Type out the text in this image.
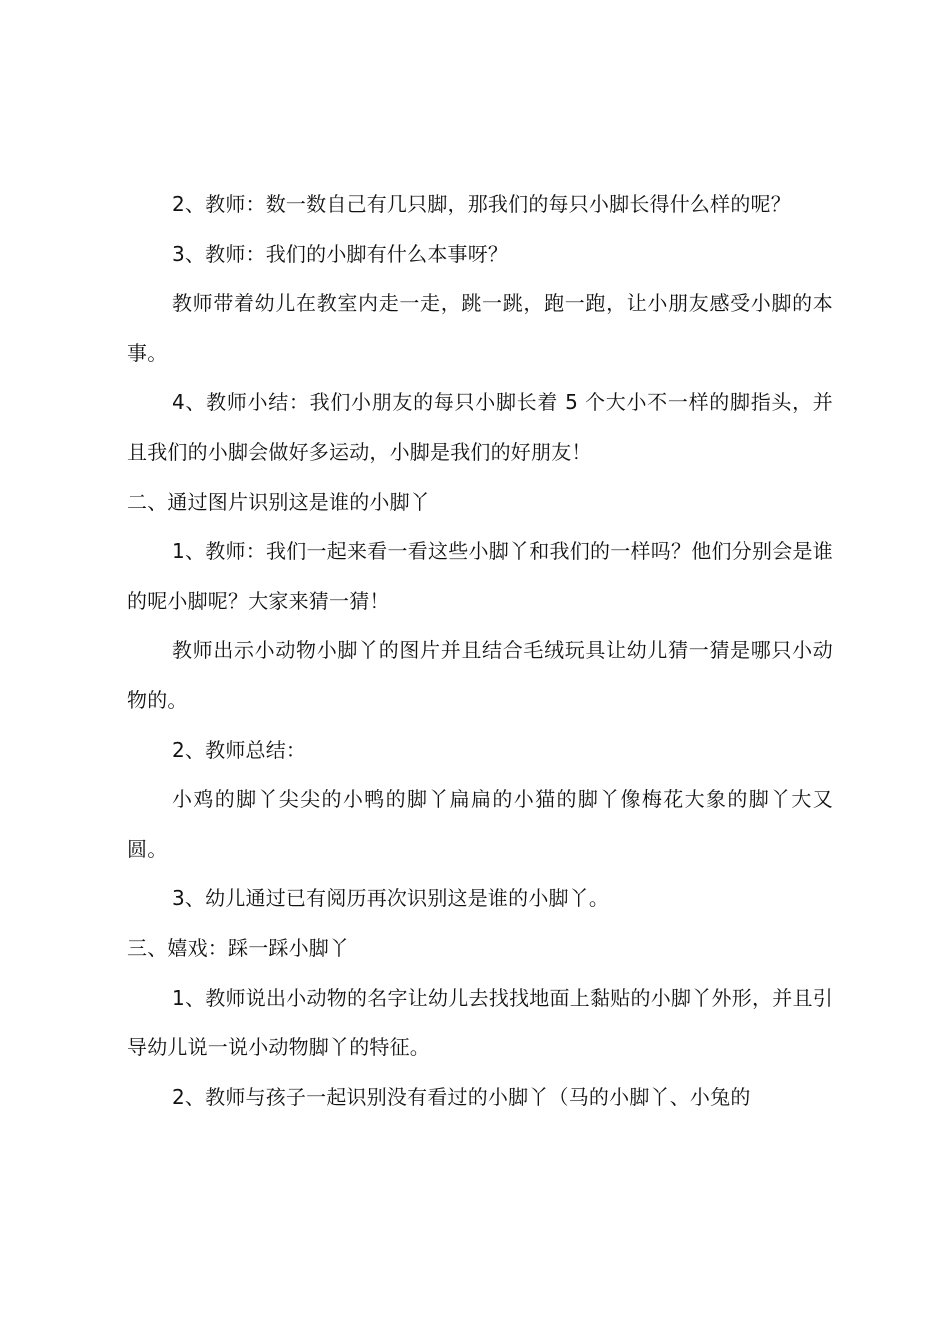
2、教师：数一数自己有几只脚，那我们的每只小脚长得什么样的呢？

3、教师：我们的小脚有什么本事呀？

教师带着幼儿在教室内走一走，跳一跳，跑一跑，让小朋友感受小脚的本事。

4、教师小结：我们小朋友的每只小脚长着 5 个大小不一样的脚指头，并且我们的小脚会做好多运动，小脚是我们的好朋友！

二、通过图片识别这是谁的小脚丫

1、教师：我们一起来看一看这些小脚丫和我们的一样吗？他们分别会是谁的呢小脚呢？大家来猜一猜！

教师出示小动物小脚丫的图片并且结合毛绒玩具让幼儿猜一猜是哪只小动物的。

2、教师总结：

小鸡的脚丫尖尖的小鸭的脚丫扁扁的小猫的脚丫像梅花大象的脚丫大又圆。

3、幼儿通过已有阅历再次识别这是谁的小脚丫。

三、嬉戏：踩一踩小脚丫

1、教师说出小动物的名字让幼儿去找找地面上黏贴的小脚丫外形，并且引导幼儿说一说小动物脚丫的特征。

2、教师与孩子一起识别没有看过的小脚丫（马的小脚丫、小兔的
